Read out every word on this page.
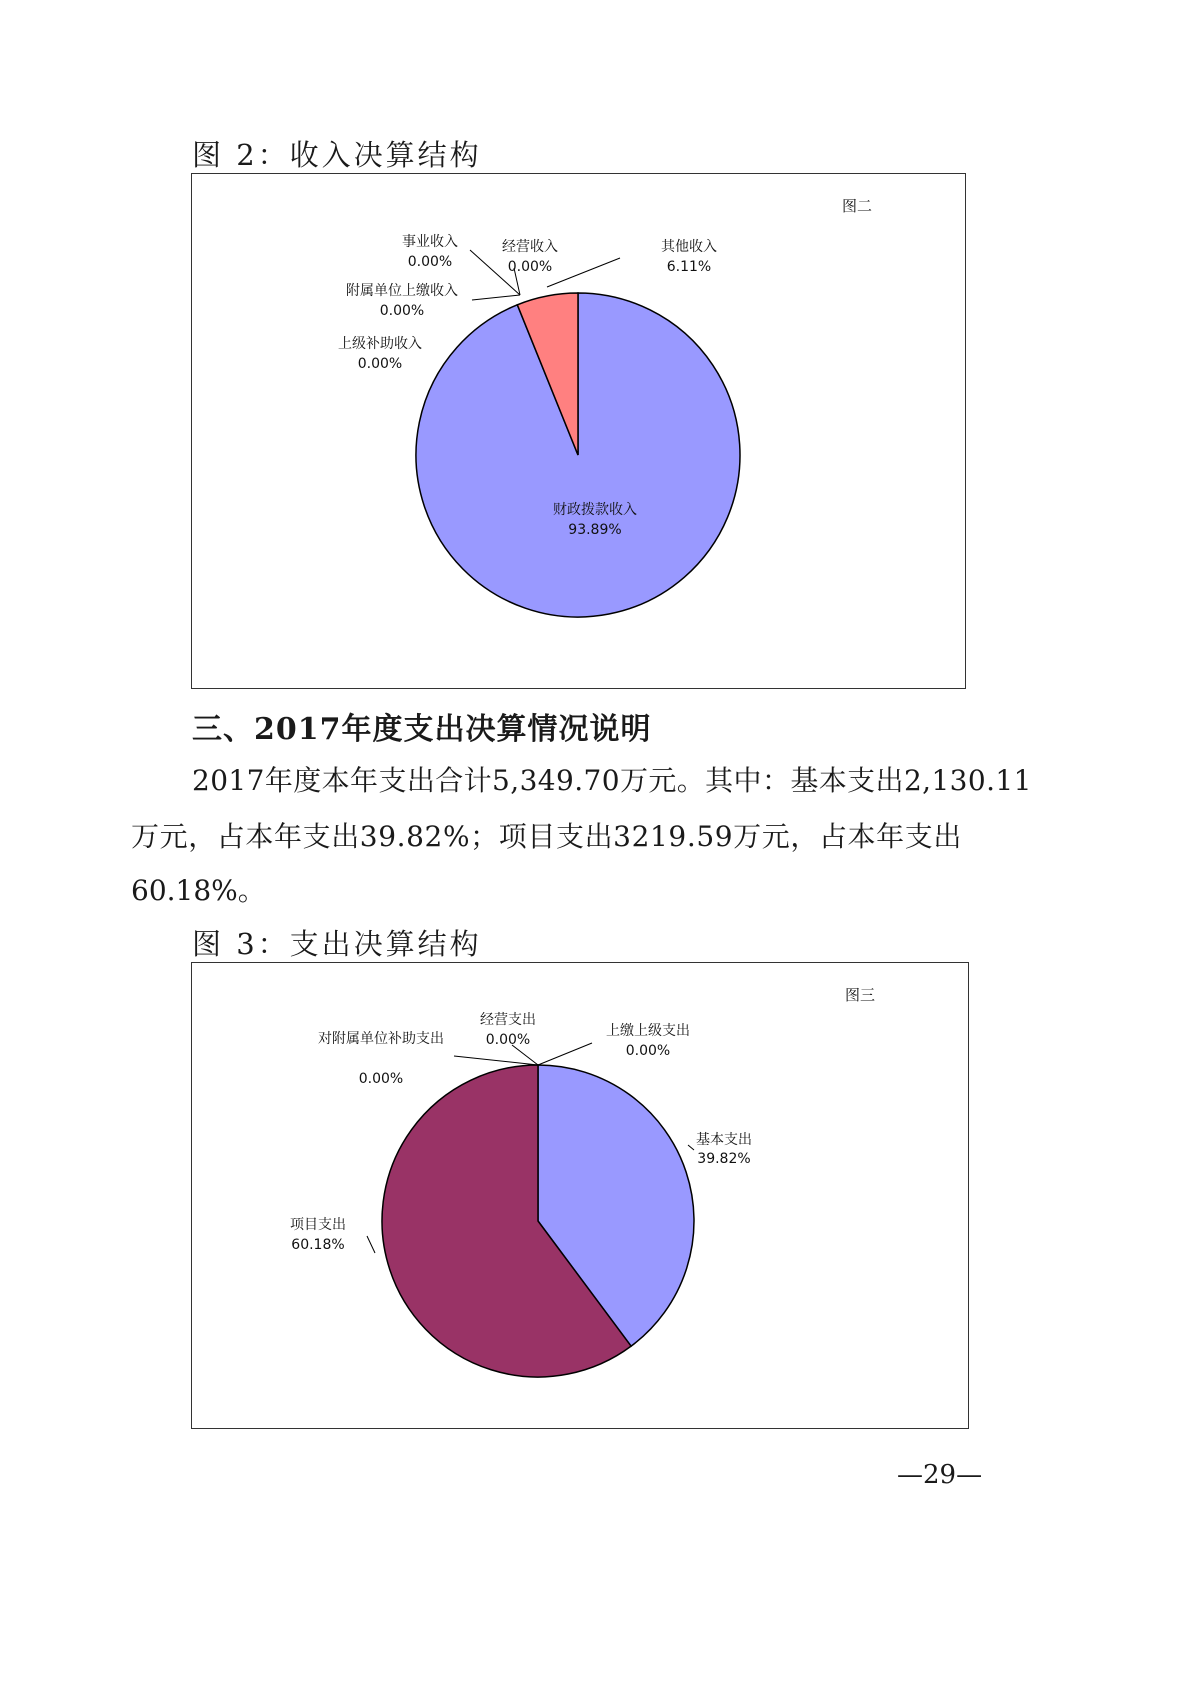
图 2：收入决算结构
图二
财政拨款收入
93.89%
其他收入
6.11%
经营收入
0.00%
事业收入
0.00%
附属单位上缴收入
0.00%
上级补助收入
0.00%
三、2017年度支出决算情况说明
2017年度本年支出合计5,349.70万元。其中：基本支出2,130.11
万元，占本年支出39.82%；项目支出3219.59万元，占本年支出
60.18%。
图 3：支出决算结构
图三
基本支出
39.82%
项目支出
60.18%
上缴上级支出
0.00%
经营支出
0.00%
对附属单位补助支出
0.00%
—29—
